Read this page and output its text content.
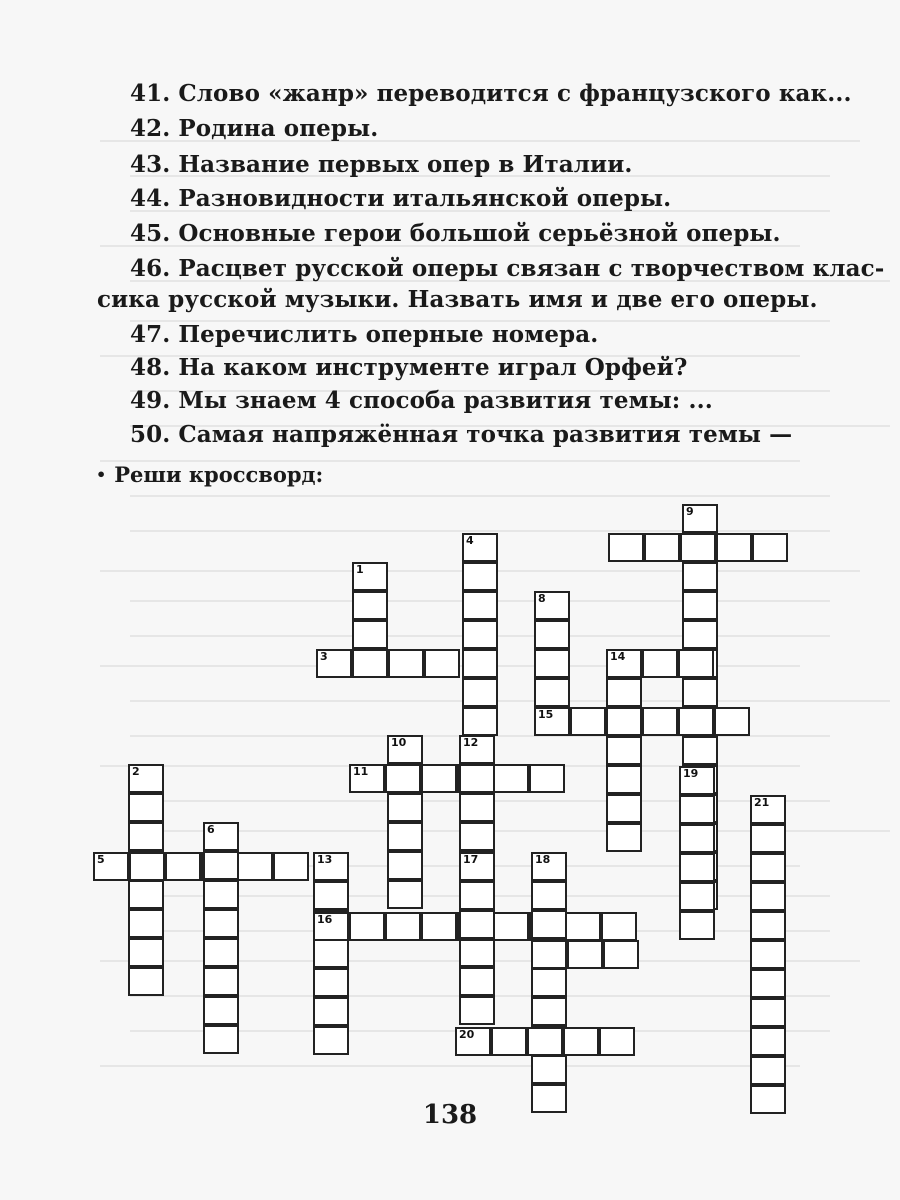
41. Слово «жанр» переводится с французского как...
42. Родина оперы.
43. Название первых опер в Италии.
44. Разновидности итальянской оперы.
45. Основные герои большой серьёзной оперы.
46. Расцвет русской оперы связан с творчеством клас-
сика русской музыки. Назвать имя и две его оперы.
47. Перечислить оперные номера.
48. На каком инструменте играл Орфей?
49. Мы знаем 4 способа развития темы: ...
50. Самая напряжённая точка развития темы —
• Реши кроссворд:
1
2
3
4
5
6
8
15
9
10
11
12
13
14
16
17	18
19
20
21
138
